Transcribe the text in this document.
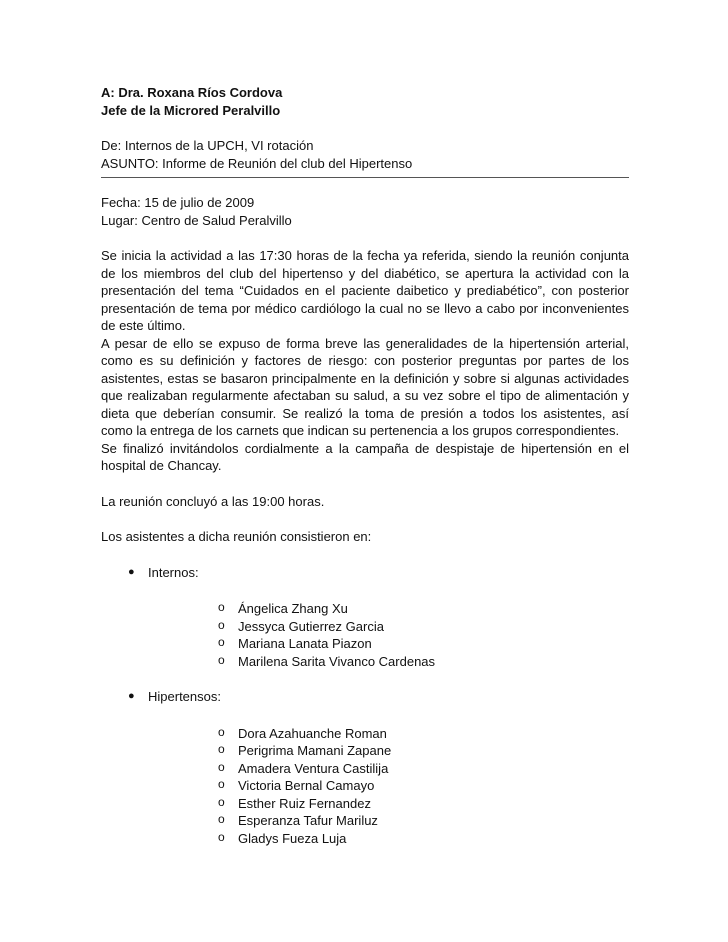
A: Dra. Roxana Ríos Cordova
Jefe de la Microred Peralvillo
De: Internos de la UPCH, VI rotación
ASUNTO: Informe de Reunión del club del Hipertenso
Fecha: 15 de julio de 2009
Lugar: Centro de Salud Peralvillo

Se inicia la actividad a las 17:30 horas de la fecha ya referida, siendo la reunión conjunta de los miembros del club del hipertenso y del diabético, se apertura la actividad con la presentación del tema “Cuidados en el paciente daibetico y prediabético”, con posterior presentación de tema por médico cardiólogo la cual no se llevo a cabo por inconvenientes de este último.

A pesar de ello se expuso de forma breve las generalidades de la hipertensión arterial, como es su definición y factores de riesgo: con posterior preguntas por partes de los asistentes, estas se basaron principalmente en la definición y sobre si algunas actividades que realizaban regularmente afectaban su salud, a su vez sobre el tipo de alimentación y dieta que deberían consumir. Se realizó la toma de presión a todos los asistentes, así como la entrega de los carnets que indican su pertenencia a los grupos correspondientes.

Se finalizó invitándolos cordialmente a la campaña de despistaje de hipertensión en el hospital de Chancay.

La reunión concluyó a las 19:00 horas.
Los asistentes a dicha reunión consistieron en:
● Internos:
o Ángelica Zhang Xu
o Jessyca Gutierrez Garcia
o Mariana Lanata Piazon
o Marilena Sarita Vivanco Cardenas
● Hipertensos:
o Dora Azahuanche Roman
o Perigrima Mamani Zapane
o Amadera Ventura Castilija
o Victoria Bernal Camayo
o Esther Ruiz Fernandez
o Esperanza Tafur Mariluz
o Gladys Fueza Luja
